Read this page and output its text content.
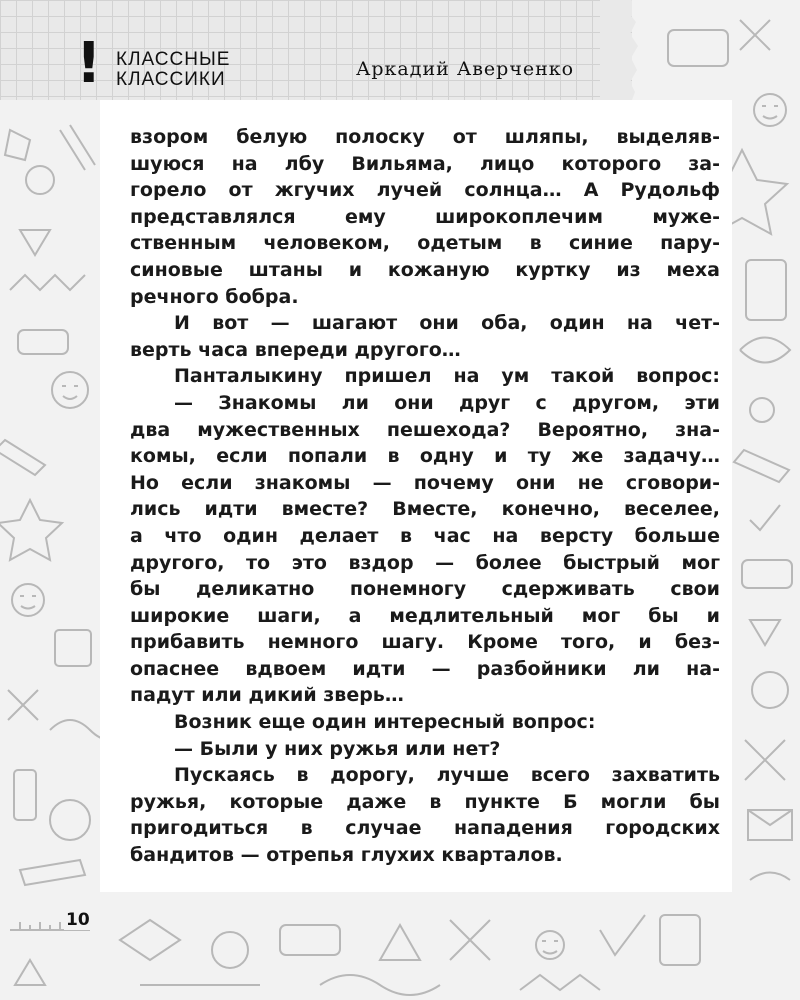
! КЛАССНЫЕ
КЛАССИКИ	Аркадий Аверченко
взором белую полоску от шляпы, выделяв-
шуюся на лбу Вильяма, лицо которого за-
горело от жгучих лучей солнца… А Рудольф
представлялся ему широкоплечим муже-
ственным человеком, одетым в синие пару-
синовые штаны и кожаную куртку из меха
речного бобра.
И вот — шагают они оба, один на чет-
верть часа впереди другого…
Панталыкину пришел на ум такой вопрос:
— Знакомы ли они друг с другом, эти
два мужественных пешехода? Вероятно, зна-
комы, если попали в одну и ту же задачу…
Но если знакомы — почему они не сговори-
лись идти вместе? Вместе, конечно, веселее,
а что один делает в час на версту больше
другого, то это вздор — более быстрый мог
бы деликатно понемногу сдерживать свои
широкие шаги, а медлительный мог бы и
прибавить немного шагу. Кроме того, и без-
опаснее вдвоем идти — разбойники ли на-
падут или дикий зверь…
Возник еще один интересный вопрос:
— Были у них ружья или нет?
Пускаясь в дорогу, лучше всего захватить
ружья, которые даже в пункте Б могли бы
пригодиться в случае нападения городских
бандитов — отрепья глухих кварталов.
10
